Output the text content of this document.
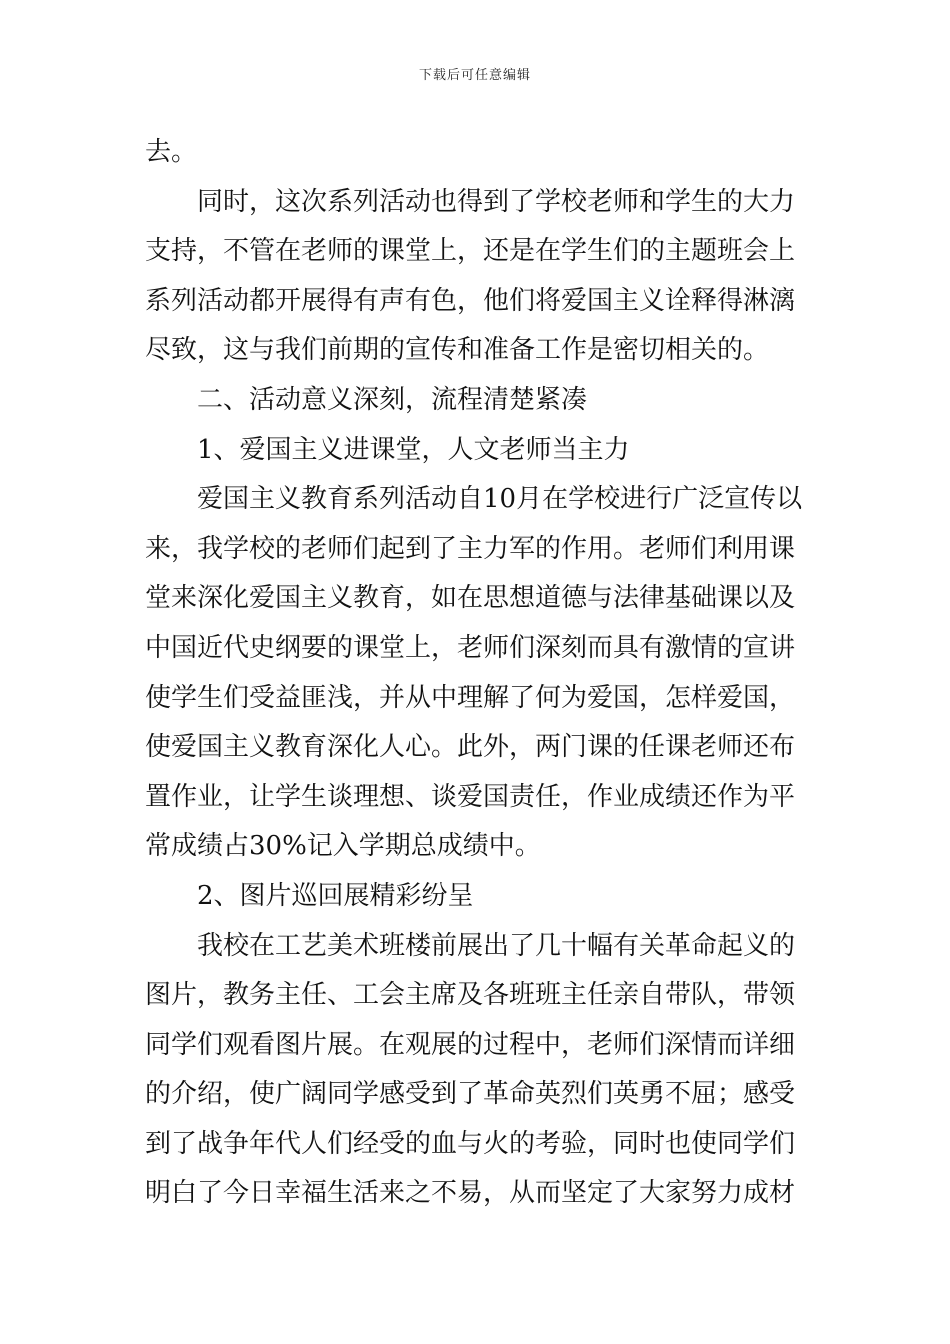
下载后可任意编辑
去。
同时，这次系列活动也得到了学校老师和学生的大力
支持，不管在老师的课堂上，还是在学生们的主题班会上
系列活动都开展得有声有色，他们将爱国主义诠释得淋漓
尽致，这与我们前期的宣传和准备工作是密切相关的。
二、活动意义深刻，流程清楚紧凑
1、爱国主义进课堂，人文老师当主力
爱国主义教育系列活动自10月在学校进行广泛宣传以
来，我学校的老师们起到了主力军的作用。老师们利用课
堂来深化爱国主义教育，如在思想道德与法律基础课以及
中国近代史纲要的课堂上，老师们深刻而具有激情的宣讲
使学生们受益匪浅，并从中理解了何为爱国，怎样爱国，
使爱国主义教育深化人心。此外，两门课的任课老师还布
置作业，让学生谈理想、谈爱国责任，作业成绩还作为平
常成绩占30%记入学期总成绩中。
2、图片巡回展精彩纷呈
我校在工艺美术班楼前展出了几十幅有关革命起义的
图片，教务主任、工会主席及各班班主任亲自带队，带领
同学们观看图片展。在观展的过程中，老师们深情而详细
的介绍，使广阔同学感受到了革命英烈们英勇不屈；感受
到了战争年代人们经受的血与火的考验，同时也使同学们
明白了今日幸福生活来之不易，从而坚定了大家努力成材
